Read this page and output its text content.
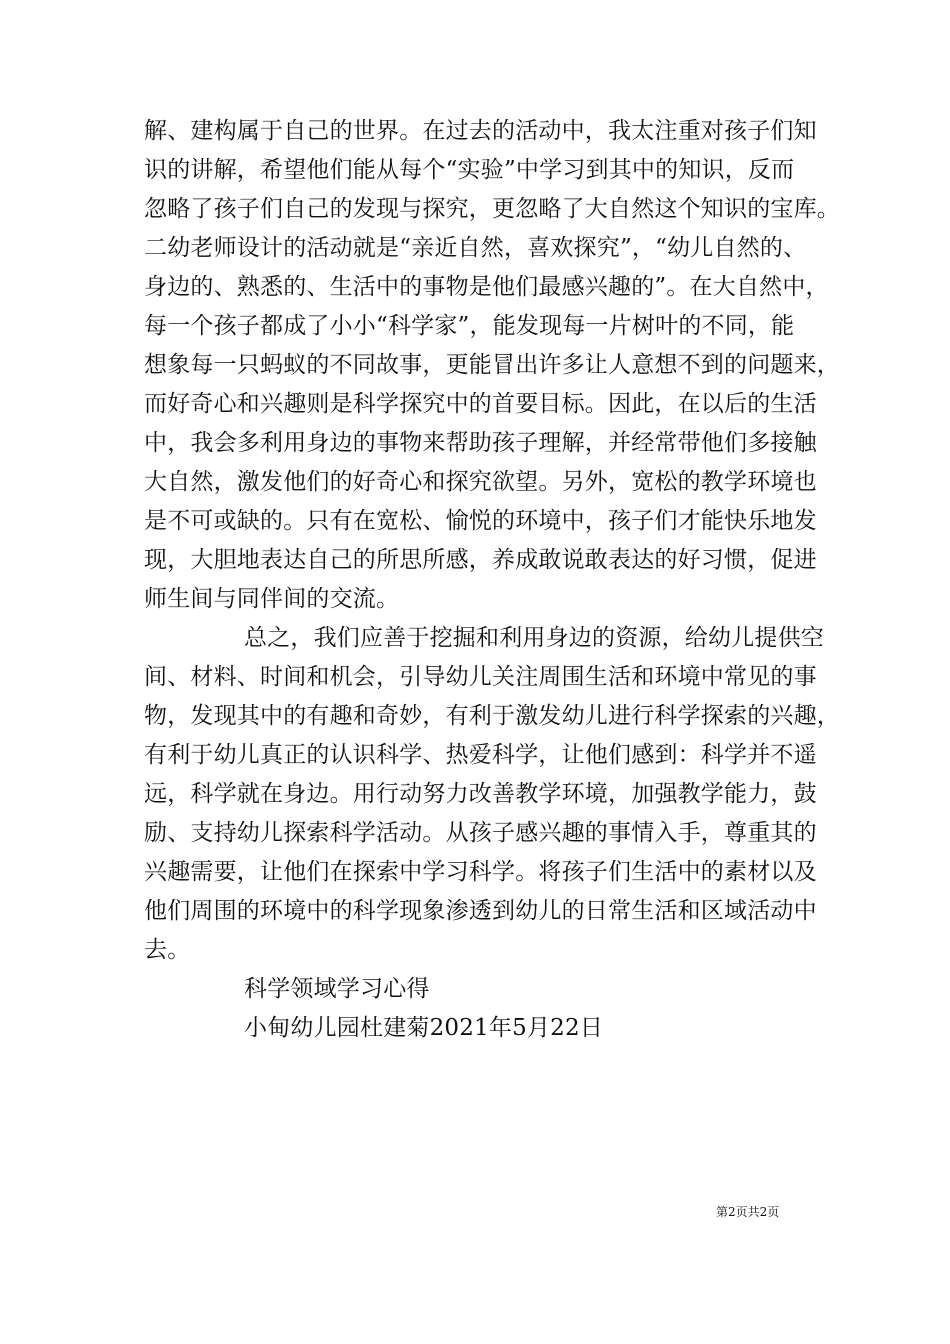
解、建构属于自己的世界。在过去的活动中，我太注重对孩子们知
识的讲解，希望他们能从每个“实验”中学习到其中的知识，反而
忽略了孩子们自己的发现与探究，更忽略了大自然这个知识的宝库。
二幼老师设计的活动就是“亲近自然，喜欢探究”，“幼儿自然的、
身边的、熟悉的、生活中的事物是他们最感兴趣的”。在大自然中，
每一个孩子都成了小小“科学家”，能发现每一片树叶的不同，能
想象每一只蚂蚁的不同故事，更能冒出许多让人意想不到的问题来，
而好奇心和兴趣则是科学探究中的首要目标。因此，在以后的生活
中，我会多利用身边的事物来帮助孩子理解，并经常带他们多接触
大自然，激发他们的好奇心和探究欲望。另外，宽松的教学环境也
是不可或缺的。只有在宽松、愉悦的环境中，孩子们才能快乐地发
现，大胆地表达自己的所思所感，养成敢说敢表达的好习惯，促进
师生间与同伴间的交流。
总之，我们应善于挖掘和利用身边的资源，给幼儿提供空
间、材料、时间和机会，引导幼儿关注周围生活和环境中常见的事
物，发现其中的有趣和奇妙，有利于激发幼儿进行科学探索的兴趣，
有利于幼儿真正的认识科学、热爱科学，让他们感到：科学并不遥
远，科学就在身边。用行动努力改善教学环境，加强教学能力，鼓
励、支持幼儿探索科学活动。从孩子感兴趣的事情入手，尊重其的
兴趣需要，让他们在探索中学习科学。将孩子们生活中的素材以及
他们周围的环境中的科学现象渗透到幼儿的日常生活和区域活动中
去。
科学领域学习心得
小甸幼儿园杜建菊2021年5月22日
第2页共2页
